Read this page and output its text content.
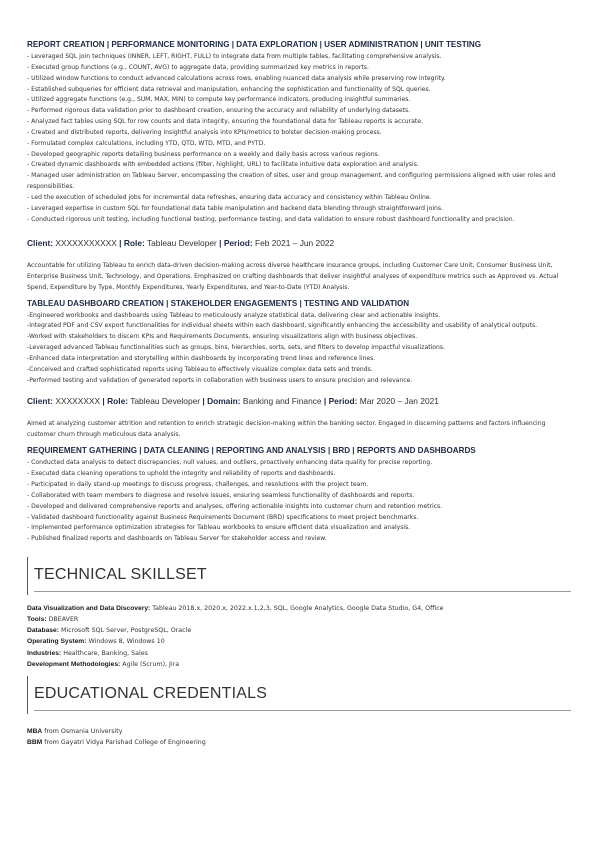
REPORT CREATION | PERFORMANCE MONITORING | DATA EXPLORATION | USER ADMINISTRATION | UNIT TESTING

- Leveraged SQL join techniques (INNER, LEFT, RIGHT, FULL) to integrate data from multiple tables, facilitating comprehensive analysis.
- Executed group functions (e.g., COUNT, AVG) to aggregate data, providing summarized key metrics in reports.
- Utilized window functions to conduct advanced calculations across rows, enabling nuanced data analysis while preserving row integrity.
- Established subqueries for efficient data retrieval and manipulation, enhancing the sophistication and functionality of SQL queries.
- Utilized aggregate functions (e.g., SUM, MAX, MIN) to compute key performance indicators, producing insightful summaries.
- Performed rigorous data validation prior to dashboard creation, ensuring the accuracy and reliability of underlying datasets.
- Analyzed fact tables using SQL for row counts and data integrity, ensuring the foundational data for Tableau reports is accurate.
- Created and distributed reports, delivering insightful analysis into KPIs/metrics to bolster decision-making process.
- Formulated complex calculations, including YTD, QTD, WTD, MTD, and PYTD.
- Developed geographic reports detailing business performance on a weekly and daily basis across various regions.
- Created dynamic dashboards with embedded actions (filter, highlight, URL) to facilitate intuitive data exploration and analysis.
- Managed user administration on Tableau Server, encompassing the creation of sites, user and group management, and configuring permissions aligned with user roles and responsibilities.
- Led the execution of scheduled jobs for incremental data refreshes, ensuring data accuracy and consistency within Tableau Online.
- Leveraged expertise in custom SQL for foundational data table manipulation and backend data blending through straightforward joins.
- Conducted rigorous unit testing, including functional testing, performance testing, and data validation to ensure robust dashboard functionality and precision.

Client: XXXXXXXXXXX | Role: Tableau Developer | Period: Feb 2021 – Jun 2022

Accountable for utilizing Tableau to enrich data-driven decision-making across diverse healthcare insurance groups, including Customer Care Unit, Consumer Business Unit, Enterprise Business Unit, Technology, and Operations. Emphasized on crafting dashboards that deliver insightful analyses of expenditure metrics such as Approved vs. Actual Spend, Expenditure by Type, Monthly Expenditures, Yearly Expenditures, and Year-to-Date (YTD) Analysis.

TABLEAU DASHBOARD CREATION | STAKEHOLDER ENGAGEMENTS | TESTING AND VALIDATION

-Engineered workbooks and dashboards using Tableau to meticulously analyze statistical data, delivering clear and actionable insights.
-Integrated PDF and CSV export functionalities for individual sheets within each dashboard, significantly enhancing the accessibility and usability of analytical outputs.
-Worked with stakeholders to discern KPIs and Requirements Documents, ensuring visualizations align with business objectives.
-Leveraged advanced Tableau functionalities such as groups, bins, hierarchies, sorts, sets, and filters to develop impactful visualizations.
-Enhanced data interpretation and storytelling within dashboards by incorporating trend lines and reference lines.
-Conceived and crafted sophisticated reports using Tableau to effectively visualize complex data sets and trends.
-Performed testing and validation of generated reports in collaboration with business users to ensure precision and relevance.

Client: XXXXXXXX | Role: Tableau Developer | Domain: Banking and Finance | Period: Mar 2020 – Jan 2021

Aimed at analyzing customer attrition and retention to enrich strategic decision-making within the banking sector. Engaged in discerning patterns and factors influencing customer churn through meticulous data analysis.

REQUIREMENT GATHERING | DATA CLEANING | REPORTING AND ANALYSIS | BRD | REPORTS AND DASHBOARDS

- Conducted data analysis to detect discrepancies, null values, and outliers, proactively enhancing data quality for precise reporting.
- Executed data cleaning operations to uphold the integrity and reliability of reports and dashboards.
- Participated in daily stand-up meetings to discuss progress, challenges, and resolutions with the project team.
- Collaborated with team members to diagnose and resolve issues, ensuring seamless functionality of dashboards and reports.
- Developed and delivered comprehensive reports and analyses, offering actionable insights into customer churn and retention metrics.
- Validated dashboard functionality against Business Requirements Document (BRD) specifications to meet project benchmarks.
- Implemented performance optimization strategies for Tableau workbooks to ensure efficient data visualization and analysis.
- Published finalized reports and dashboards on Tableau Server for stakeholder access and review.
TECHNICAL SKILLSET

Data Visualization and Data Discovery: Tableau 2018.x, 2020.x, 2022.x.1,2,3, SQL, Google Analytics, Google Data Studio, G4, Office

Tools: DBEAVER

Database: Microsoft SQL Server, PostgreSQL, Oracle

Operating System: Windows 8, Windows 10

Industries: Healthcare, Banking, Sales

Development Methodologies: Agile (Scrum), Jira

EDUCATIONAL CREDENTIALS

MBA from Osmania University

BBM from Gayatri Vidya Parishad College of Engineering
